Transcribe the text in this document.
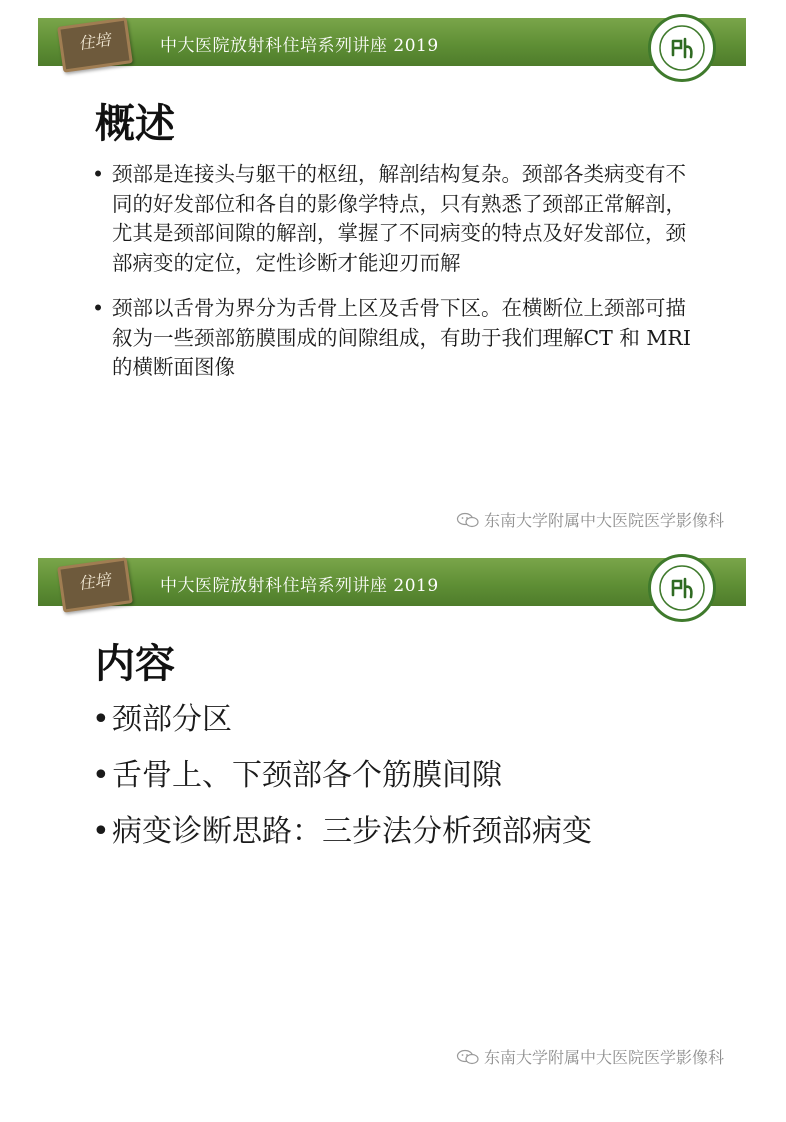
中大医院放射科住培系列讲座 2019
住培
概述
• 颈部是连接头与躯干的枢纽，解剖结构复杂。颈部各类病变有不同的好发部位和各自的影像学特点，只有熟悉了颈部正常解剖，尤其是颈部间隙的解剖，掌握了不同病变的特点及好发部位，颈部病变的定位，定性诊断才能迎刃而解
• 颈部以舌骨为界分为舌骨上区及舌骨下区。在横断位上颈部可描叙为一些颈部筋膜围成的间隙组成，有助于我们理解CT 和 MRI的横断面图像
东南大学附属中大医院医学影像科
中大医院放射科住培系列讲座 2019
住培
内容
• 颈部分区
• 舌骨上、下颈部各个筋膜间隙
• 病变诊断思路：三步法分析颈部病变
东南大学附属中大医院医学影像科
